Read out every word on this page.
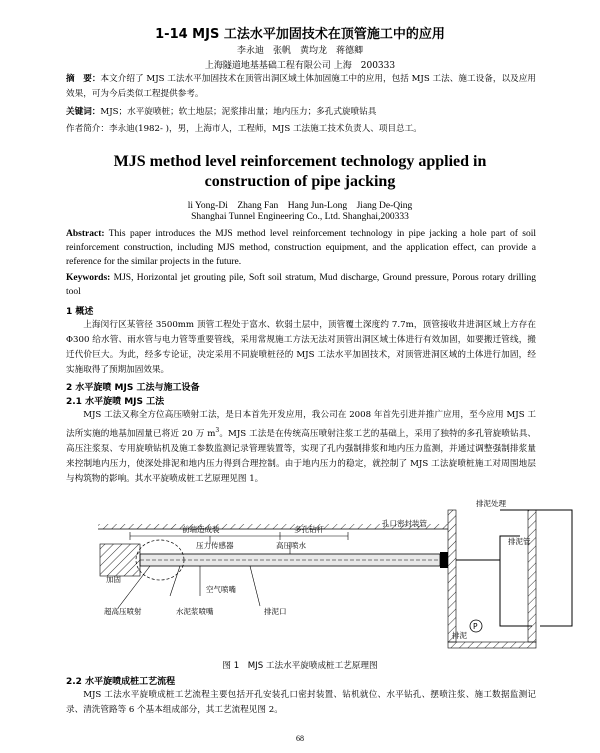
1-14 MJS 工法水平加固技术在顶管施工中的应用
李永迪　张帆　黄均龙　蒋德卿
上海隧道地基基础工程有限公司 上海　200333
摘　要：本文介绍了 MJS 工法水平加固技术在顶管出洞区域土体加固施工中的应用，包括 MJS 工法、施工设备，以及应用效果，可为今后类似工程提供参考。
关键词：MJS；水平旋喷桩；软土地层；泥浆排出量；地内压力；多孔式旋喷钻具
作者简介：李永迪(1982- )，男，上海市人，工程师，MJS 工法施工技术负责人、项目总工。
MJS method level reinforcement technology applied in construction of pipe jacking
li Yong-Di　Zhang Fan　Hang Jun-Long　Jiang De-Qing
Shanghai Tunnel Engineering Co., Ltd. Shanghai,200333
Abstract: This paper introduces the MJS method level reinforcement technology in pipe jacking a hole part of soil reinforcement construction, including MJS method, construction equipment, and the application effect, can provide a reference for the similar projects in the future.
Keywords: MJS, Horizontal jet grouting pile, Soft soil stratum, Mud discharge, Ground pressure, Porous rotary drilling tool
1 概述
上海闵行区某管径 3500mm 顶管工程处于富水、软弱土层中，顶管覆土深度约 7.7m，顶管接收井进洞区域上方存在 Φ300 给水管、雨水管与电力管等重要管线，采用常规施工方法无法对顶管出洞区域土体进行有效加固，如要搬迁管线，搬迁代价巨大。为此，经多专论证，决定采用不同旋喷桩径的 MJS 工法水平加固技术，对顶管进洞区域的土体进行加固，经实施取得了预期加固效果。
2 水平旋喷 MJS 工法与施工设备
2.1 水平旋喷 MJS 工法
MJS 工法又称全方位高压喷射工法，是日本首先开发应用，我公司在 2008 年首先引进并推广应用，至今应用 MJS 工法所实施的地基加固量已将近 20 万 $m^3$。MJS 工法是在传统高压喷射注浆工艺的基础上，采用了独特的多孔管旋喷钻具、高压注浆泵、专用旋喷钻机及施工参数监测记录管理装置等，实现了孔内强制排浆和地内压力监测，并通过调整强制排浆量来控制地内压力，使深处排泥和地内压力得到合理控制。由于地内压力的稳定，就控制了 MJS 工法旋喷桩施工对周围地层与构筑物的影响。其水平旋喷成桩工艺原理见图 1。
排泥处理
前端造成装	多孔钻杆
孔口密封装管
压力传感器	高压喷水	排泥管
加固
空气喷嘴
超高压喷射	水泥浆喷嘴	排泥口
排泥
P
图 1　MJS 工法水平旋喷成桩工艺原理图
2.2 水平旋喷成桩工艺流程
MJS 工法水平旋喷成桩工艺流程主要包括开孔安装孔口密封装置、钻机就位、水平钻孔、摆喷注浆、施工数据监测记录、清洗管路等 6 个基本组成部分，其工艺流程见图 2。
68
